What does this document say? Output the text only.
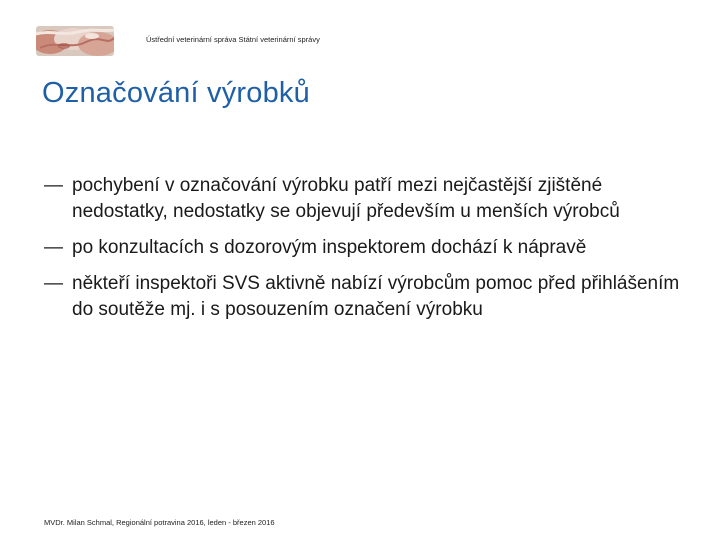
Ústřední veterinární správa Státní veterinární správy
Označování výrobků
— pochybení v označování výrobku patří mezi nejčastější zjištěné nedostatky, nedostatky se objevují především u menších výrobců
— po konzultacích s dozorovým inspektorem dochází k nápravě
— někteří inspektoři SVS aktivně nabízí výrobcům pomoc před přihlášením do soutěže mj. i s posouzením označení výrobku
MVDr. Milan Schmal, Regionální potravina 2016, leden - březen 2016
